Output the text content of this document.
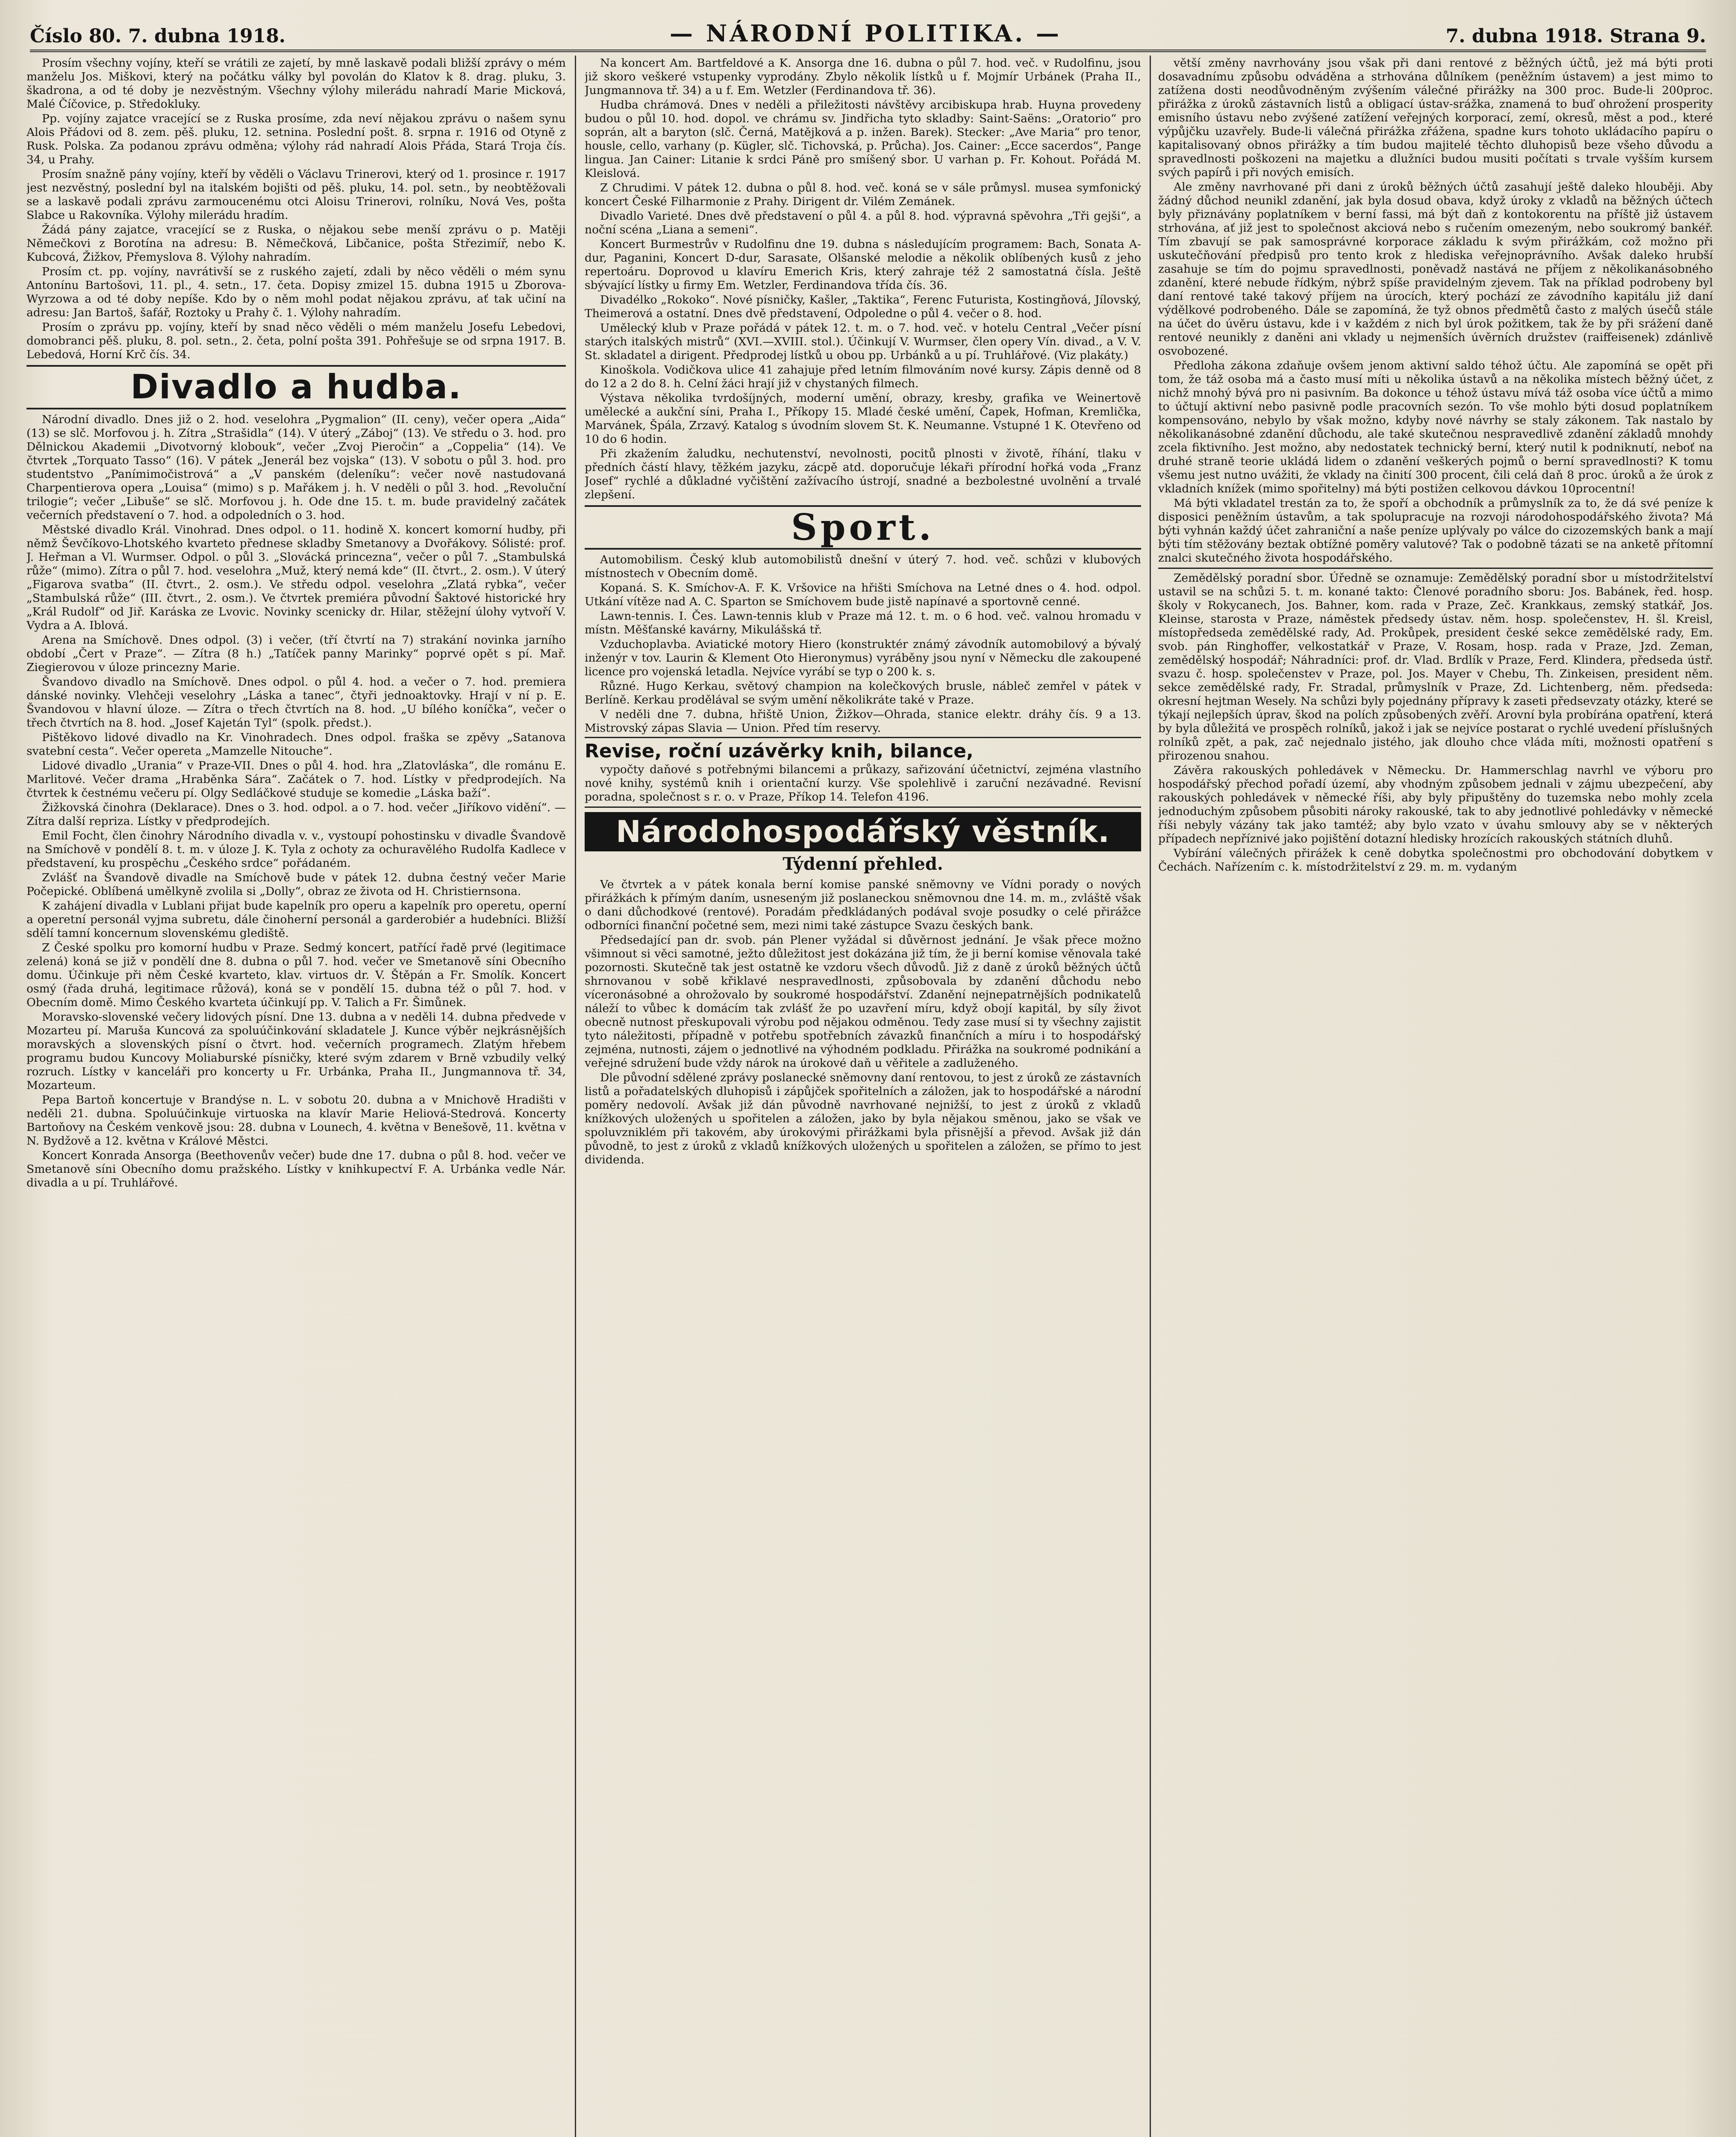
Číslo 80. 7. dubna 1918.	— NÁRODNÍ POLITIKA. —	7. dubna 1918. Strana 9.

Prosím všechny vojíny, kteří se vrátili ze zajetí, by mně laskavě podali bližší zprávy o mém manželu Jos. Miškovi, který na počátku války byl povolán do Klatov k 8. drag. pluku, 3. škadrona, a od té doby je nezvěstným. Všechny výlohy milerádu nahradí Marie Micková, Malé Číčovice, p. Středokluky.

Pp. vojíny zajatce vracející se z Ruska prosíme, zda neví nějakou zprávu o našem synu Alois Přádovi od 8. zem. pěš. pluku, 12. setnina. Poslední pošt. 8. srpna r. 1916 od Otyně z Rusk. Polska. Za podanou zprávu odměna; výlohy rád nahradí Alois Přáda, Stará Troja čís. 34, u Prahy.

Prosím snažně pány vojíny, kteří by věděli o Václavu Trinerovi, který od 1. prosince r. 1917 jest nezvěstný, poslední byl na italském bojišti od pěš. pluku, 14. pol. setn., by neobtěžovali se a laskavě podali zprávu zarmoucenému otci Aloisu Trinerovi, rolníku, Nová Ves, pošta Slabce u Rakovníka. Výlohy milerádu hradím.

Žádá pány zajatce, vracející se z Ruska, o nějakou sebe menší zprávu o p. Matěji Němečkovi z Borotína na adresu: B. Němečková, Libčanice, pošta Střezimíř, nebo K. Kubcová, Žižkov, Přemyslova 8. Výlohy nahradím.

Prosím ct. pp. vojíny, navrátivší se z ruského zajetí, zdali by něco věděli o mém synu Antonínu Bartošovi, 11. pl., 4. setn., 17. četa. Dopisy zmizel 15. dubna 1915 u Zborova-Wyrzowa a od té doby nepíše. Kdo by o něm mohl podat nějakou zprávu, ať tak učiní na adresu: Jan Bartoš, šafář, Roztoky u Prahy č. 1. Výlohy nahradím.

Prosím o zprávu pp. vojíny, kteří by snad něco věděli o mém manželu Josefu Lebedovi, domobranci pěš. pluku, 8. pol. setn., 2. četa, polní pošta 391. Pohřešuje se od srpna 1917. B. Lebedová, Horní Krč čís. 34.

Divadlo a hudba.

Národní divadlo. Dnes již o 2. hod. veselohra „Pygmalion“ (II. ceny), večer opera „Aida“ (13) se slč. Morfovou j. h. Zítra „Strašidla“ (14). V úterý „Záboj“ (13). Ve středu o 3. hod. pro Dělnickou Akademii „Divotvorný klobouk“, večer „Zvoj Pieročin“ a „Coppelia“ (14). Ve čtvrtek „Torquato Tasso“ (16). V pátek „Jenerál bez vojska“ (13). V sobotu o půl 3. hod. pro studentstvo „Panímimočistrová“ a „V panském (deleníku“: večer nově nastudovaná Charpentierova opera „Louisa“ (mimo) s p. Mařákem j. h. V neděli o půl 3. hod. „Revoluční trilogie“; večer „Libuše“ se slč. Morfovou j. h. Ode dne 15. t. m. bude pravidelný začátek večerních představení o 7. hod. a odpoledních o 3. hod.

Městské divadlo Král. Vinohrad. Dnes odpol. o 11. hodině X. koncert komorní hudby, při němž Ševčíkovo-Lhotského kvarteto přednese skladby Smetanovy a Dvořákovy. Sólisté: prof. J. Heřman a Vl. Wurmser. Odpol. o půl 3. „Slovácká princezna“, večer o půl 7. „Stambulská růže“ (mimo). Zítra o půl 7. hod. veselohra „Muž, který nemá kde“ (II. čtvrt., 2. osm.). V úterý „Figarova svatba“ (II. čtvrt., 2. osm.). Ve středu odpol. veselohra „Zlatá rybka“, večer „Stambulská růže“ (III. čtvrt., 2. osm.). Ve čtvrtek premiéra původní Šaktové historické hry „Král Rudolf“ od Jiř. Karáska ze Lvovic. Novinky scenicky dr. Hilar, stěžejní úlohy vytvoří V. Vydra a A. Iblová.

Arena na Smíchově. Dnes odpol. (3) i večer, (tří čtvrtí na 7) strakání novinka jarního období „Čert v Praze“. — Zítra (8 h.) „Tatíček panny Marinky“ poprvé opět s pí. Mař. Ziegierovou v úloze princezny Marie.

Švandovo divadlo na Smíchově. Dnes odpol. o půl 4. hod. a večer o 7. hod. premiera dánské novinky. Vlehčeji veselohry „Láska a tanec“, čtyři jednoaktovky. Hrají v ní p. E. Švandovou v hlavní úloze. — Zítra o třech čtvrtích na 8. hod. „U bílého koníčka“, večer o třech čtvrtích na 8. hod. „Josef Kajetán Tyl“ (spolk. předst.).

Pištěkovo lidové divadlo na Kr. Vinohradech. Dnes odpol. fraška se zpěvy „Satanova svatební cesta“. Večer opereta „Mamzelle Nitouche“.

Lidové divadlo „Urania“ v Praze-VII. Dnes o půl 4. hod. hra „Zlatovláska“, dle románu E. Marlitové. Večer drama „Hraběnka Sára“. Začátek o 7. hod. Lístky v předprodejích. Na čtvrtek k čestnému večeru pí. Olgy Sedláčkové studuje se komedie „Láska baží“.

Žižkovská činohra (Deklarace). Dnes o 3. hod. odpol. a o 7. hod. večer „Jiříkovo vidění“. — Zítra další repriza. Lístky v předprodejích.

Emil Focht, člen činohry Národního divadla v. v., vystoupí pohostinsku v divadle Švandově na Smíchově v pondělí 8. t. m. v úloze J. K. Tyla z ochoty za ochuravělého Rudolfa Kadlece v představení, ku prospěchu „Českého srdce“ pořádaném.

Zvlášť na Švandově divadle na Smíchově bude v pátek 12. dubna čestný večer Marie Počepické. Oblíbená umělkyně zvolila si „Dolly“, obraz ze života od H. Christiernsona.

K zahájení divadla v Lublani přijat bude kapelník pro operu a kapelník pro operetu, operní a operetní personál vyjma subretu, dále činoherní personál a garderobiér a hudebníci. Bližší sdělí tamní koncernum slovenskému glediště.

Z České spolku pro komorní hudbu v Praze. Sedmý koncert, patřící řadě prvé (legitimace zelená) koná se již v pondělí dne 8. dubna o půl 7. hod. večer ve Smetanově síni Obecního domu. Účinkuje při něm České kvarteto, klav. virtuos dr. V. Štěpán a Fr. Smolík. Koncert osmý (řada druhá, legitimace růžová), koná se v pondělí 15. dubna též o půl 7. hod. v Obecním domě. Mimo Českého kvarteta účinkují pp. V. Talich a Fr. Šimůnek.

Moravsko-slovenské večery lidových písní. Dne 13. dubna a v neděli 14. dubna předvede v Mozarteu pí. Maruša Kuncová za spoluúčinkování skladatele J. Kunce výběr nejkrásnějších moravských a slovenských písní o čtvrt. hod. večerních programech. Zlatým hřebem programu budou Kuncovy Moliaburské písničky, které svým zdarem v Brně vzbudily velký rozruch. Lístky v kanceláři pro koncerty u Fr. Urbánka, Praha II., Jungmannova tř. 34, Mozarteum.

Pepa Bartoň koncertuje v Brandýse n. L. v sobotu 20. dubna a v Mnichově Hradišti v neděli 21. dubna. Spoluúčinkuje virtuoska na klavír Marie Heliová-Stedrová. Koncerty Bartoňovy na Českém venkově jsou: 28. dubna v Lounech, 4. května v Benešově, 11. května v N. Bydžově a 12. května v Králové Městci.

Koncert Konrada Ansorga (Beethovenův večer) bude dne 17. dubna o půl 8. hod. večer ve Smetanově síni Obecního domu pražského. Lístky v knihkupectví F. A. Urbánka vedle Nár. divadla a u pí. Truhlářové.

Na koncert Am. Bartfeldové a K. Ansorga dne 16. dubna o půl 7. hod. več. v Rudolfinu, jsou již skoro veškeré vstupenky vyprodány. Zbylo několik lístků u f. Mojmír Urbánek (Praha II., Jungmannova tř. 34) a u f. Em. Wetzler (Ferdinandova tř. 36).

Hudba chrámová. Dnes v neděli a přiležitosti návštěvy arcibiskupa hrab. Huyna provedeny budou o půl 10. hod. dopol. ve chrámu sv. Jindřicha tyto skladby: Saint-Saëns: „Oratorio“ pro soprán, alt a baryton (slč. Černá, Matějková a p. inžen. Barek). Stecker: „Ave Maria“ pro tenor, housle, cello, varhany (p. Kügler, slč. Tichovská, p. Průcha). Jos. Cainer: „Ecce sacerdos“, Pange lingua. Jan Cainer: Litanie k srdci Páně pro smíšený sbor. U varhan p. Fr. Kohout. Pořádá M. Kleislová.

Z Chrudimi. V pátek 12. dubna o půl 8. hod. več. koná se v sále průmysl. musea symfonický koncert České Filharmonie z Prahy. Dirigent dr. Vilém Zemánek.

Divadlo Varieté. Dnes dvě představení o půl 4. a půl 8. hod. výpravná spěvohra „Tři gejši“, a noční scéna „Liana a semeni“.

Koncert Burmestrův v Rudolfinu dne 19. dubna s následujícím programem: Bach, Sonata A-dur, Paganini, Koncert D-dur, Sarasate, Olšanské melodie a několik oblíbených kusů z jeho repertoáru. Doprovod u klavíru Emerich Kris, který zahraje též 2 samostatná čísla. Ještě sbývající lístky u firmy Em. Wetzler, Ferdinandova třída čís. 36.

Divadélko „Rokoko“. Nové písničky, Kašler, „Taktika“, Ferenc Futurista, Kostingňová, Jílovský, Theimerová a ostatní. Dnes dvě představení, Odpoledne o půl 4. večer o 8. hod.

Umělecký klub v Praze pořádá v pátek 12. t. m. o 7. hod. več. v hotelu Central „Večer písní starých italských mistrů“ (XVI.—XVIII. stol.). Účinkují V. Wurmser, člen opery Vín. divad., a V. V. St. skladatel a dirigent. Předprodej lístků u obou pp. Urbánků a u pí. Truhlářové. (Viz plakáty.)

Kinoškola. Vodičkova ulice 41 zahajuje před letním filmováním nové kursy. Zápis denně od 8 do 12 a 2 do 8. h. Celní žáci hrají již v chystaných filmech.

Výstava několika tvrdošíjných, moderní umění, obrazy, kresby, grafika ve Weinertově umělecké a aukční síni, Praha I., Příkopy 15. Mladé české umění, Čapek, Hofman, Kremlička, Marvánek, Špála, Zrzavý. Katalog s úvodním slovem St. K. Neumanne. Vstupné 1 K. Otevřeno od 10 do 6 hodin.

Při zkažením žaludku, nechutenství, nevolnosti, pocitů plnosti v životě, říhání, tlaku v předních částí hlavy, těžkém jazyku, zácpě atd. doporučuje lékaři přírodní hořká voda „Franz Josef“ rychlé a důkladné vyčištění zažívacího ústrojí, snadné a bezbolestné uvolnění a trvalé zlepšení.

Sport.

Automobilism. Český klub automobilistů dnešní v úterý 7. hod. več. schůzi v klubových místnostech v Obecním domě.

Kopaná. S. K. Smíchov-A. F. K. Vršovice na hřišti Smíchova na Letné dnes o 4. hod. odpol. Utkání vítěze nad A. C. Sparton se Smíchovem bude jistě napínavé a sportovně cenné.

Lawn-tennis. I. Čes. Lawn-tennis klub v Praze má 12. t. m. o 6 hod. več. valnou hromadu v místn. Měšťanské kavárny, Mikulášská tř.

Vzduchoplavba. Aviatické motory Hiero (konstruktér známý závodník automobilový a bývalý inženýr v tov. Laurin & Klement Oto Hieronymus) vyráběny jsou nyní v Německu dle zakoupené licence pro vojenská letadla. Nejvíce vyrábí se typ o 200 k. s.

Různé. Hugo Kerkau, světový champion na kolečkových brusle, nábleč zemřel v pátek v Berlíně. Kerkau prodělával se svým umění několikráte také v Praze.

V neděli dne 7. dubna, hřiště Union, Žižkov—Ohrada, stanice elektr. dráhy čís. 9 a 13. Mistrovský zápas Slavia — Union. Před tím reservy.

Revise, roční uzávěrky knih, bilance,

vypočty daňové s potřebnými bilancemi a průkazy, sařizování účetnictví, zejména vlastního nové knihy, systémů knih i orientační kurzy. Vše spolehlivě i zaruční nezávadné. Revisní poradna, společnost s r. o. v Praze, Příkop 14. Telefon 4196.

Národohospodářský věstník.
Týdenní přehled.

Ve čtvrtek a v pátek konala berní komise panské sněmovny ve Vídni porady o nových přirážkách k přímým daním, usneseným již poslaneckou sněmovnou dne 14. m. m., zvláště však o dani důchodkové (rentové). Poradám předkládaných podával svoje posudky o celé přirážce odborníci finanční početné sem, mezi nimi také zástupce Svazu českých bank.

Předsedající pan dr. svob. pán Plener vyžádal si důvěrnost jednání. Je však přece možno všimnout si věci samotné, ježto důležitost jest dokázána již tím, že ji berní komise věnovala také pozornosti. Skutečně tak jest ostatně ke vzdoru všech důvodů. Již z daně z úroků běžných účtů shrnovanou v sobě křiklavé nespravedlnosti, způsobovala by zdanění důchodu nebo víceronásobné a ohrožovalo by soukromé hospodářství. Zdanění nejnepatrnějších podnikatelů náleží to vůbec k domácím tak zvlášť že po uzavření míru, když obojí kapitál, by síly život obecně nutnost přeskupovali výrobu pod nějakou odměnou. Tedy zase musí si ty všechny zajistit tyto náležitosti, případně v potřebu spotřebních závazků finančních a míru i to hospodářský zejména, nutnosti, zájem o jednotlivé na výhodném podkladu. Přirážka na soukromé podnikání a veřejné sdružení bude vždy nárok na úrokové daň u věřitele a zadluženého.

Dle původní sdělené zprávy poslanecké sněmovny daní rentovou, to jest z úroků ze zástavních listů a pořadatelských dluhopisů i zápůjček spořitelních a záložen, jak to hospodářské a národní poměry nedovolí. Avšak již dán původně navrhované nejnižší, to jest z úroků z vkladů knížkových uložených u spořitelen a záložen, jako by byla nějakou směnou, jako se však ve spoluvzniklém při takovém, aby úrokovými přirážkami byla přisnější a převod. Avšak již dán původně, to jest z úroků z vkladů knížkových uložených u spořitelen a záložen, se přímo to jest dividenda.

větší změny navrhovány jsou však při dani rentové z běžných účtů, jež má býti proti dosavadnímu způsobu odváděna a strhována důlníkem (peněžním ústavem) a jest mimo to zatížena dosti neodůvodněným zvýšením válečné přirážky na 300 proc. Bude-li 200proc. přirážka z úroků zástavních listů a obligací ústav-srážka, znamená to buď ohrožení prosperity emisního ústavu nebo zvýšené zatížení veřejných korporací, zemí, okresů, měst a pod., které výpůjčku uzavřely. Bude-li válečná přirážka zřážena, spadne kurs tohoto ukládacího papíru o kapitalisovaný obnos přirážky a tím budou majitelé těchto dluhopisů beze všeho důvodu a spravedlnosti poškozeni na majetku a dlužníci budou musiti počítati s trvale vyšším kursem svých papírů i při nových emisích.

Ale změny navrhované při dani z úroků běžných účtů zasahují ještě daleko hlouběji. Aby žádný důchod neunikl zdanění, jak byla dosud obava, když úroky z vkladů na běžných účtech byly přiznávány poplatníkem v berní fassi, má být daň z kontokorentu na příště již ústavem strhována, ať již jest to společnost akciová nebo s ručením omezeným, nebo soukromý bankéř. Tím zbavují se pak samosprávné korporace základu k svým přirážkám, což možno při uskutečňování předpisů pro tento krok z hlediska veřejnoprávního. Avšak daleko hrubší zasahuje se tím do pojmu spravedlnosti, poněvadž nastává ne příjem z několikanásobného zdanění, které nebude řídkým, nýbrž spíše pravidelným zjevem. Tak na příklad podrobeny byl daní rentové také takový příjem na úrocích, který pochází ze závodního kapitálu již daní výdělkové podrobeného. Dále se zapomíná, že tyž obnos předmětů často z malých úsečů stále na účet do úvěru ústavu, kde i v každém z nich byl úrok požitkem, tak že by při srážení daně rentové neunikly z daněni ani vklady u nejmenších úvěrních družstev (raiffeisenek) zdánlivě osvobozené.

Předloha zákona zdaňuje ovšem jenom aktivní saldo téhož účtu. Ale zapomíná se opět při tom, že táž osoba má a často musí míti u několika ústavů a na několika místech běžný účet, z nichž mnohý bývá pro ni pasivním. Ba dokonce u téhož ústavu mívá táž osoba více účtů a mimo to účtují aktivní nebo pasivně podle pracovních sezón. To vše mohlo býti dosud poplatníkem kompensováno, nebylo by však možno, kdyby nové návrhy se staly zákonem. Tak nastalo by několikanásobné zdanění důchodu, ale také skutečnou nespravedlivě zdanění základů mnohdy zcela fiktivního. Jest možno, aby nedostatek technický berní, který nutil k podniknutí, neboť na druhé straně teorie ukládá lidem o zdanění veškerých pojmů o berní spravedlnosti? K tomu všemu jest nutno uvážiti, že vklady na činití 300 procent, čili celá daň 8 proc. úroků a že úrok z vkladních knížek (mimo spořitelny) má býti postižen celkovou dávkou 10procentní!

Má býti vkladatel trestán za to, že spoří a obchodník a průmyslník za to, že dá své peníze k disposici peněžním ústavům, a tak spolupracuje na rozvoji národohospodářského života? Má býti vyhnán každý účet zahraniční a naše peníze uplývaly po válce do cizozemských bank a mají býti tím stěžovány beztak obtížné poměry valutové? Tak o podobně tázati se na anketě přítomní znalci skutečného života hospodářského.

Zemědělský poradní sbor. Úředně se oznamuje: Zemědělský poradní sbor u místodržitelství ustavil se na schůzi 5. t. m. konané takto: Členové poradního sboru: Jos. Babánek, řed. hosp. školy v Rokycanech, Jos. Bahner, kom. rada v Praze, Zeč. Krankkaus, zemský statkář, Jos. Kleinse, starosta v Praze, náměstek předsedy ústav. něm. hosp. společenstev, H. šl. Kreisl, místopředseda zemědělské rady, Ad. Prokůpek, president české sekce zemědělské rady, Em. svob. pán Ringhoffer, velkostatkář v Praze, V. Rosam, hosp. rada v Praze, Jzd. Zeman, zemědělský hospodář; Náhradníci: prof. dr. Vlad. Brdlík v Praze, Ferd. Klindera, předseda ústř. svazu č. hosp. společenstev v Praze, pol. Jos. Mayer v Chebu, Th. Zinkeisen, president něm. sekce zemědělské rady, Fr. Stradal, průmyslník v Praze, Zd. Lichtenberg, něm. předseda: okresní hejtman Wesely. Na schůzi byly pojednány přípravy k zaseti předsevzaty otázky, které se týkají nejlepších úprav, škod na polích způsobených zvěří. Arovní byla probírána opatření, která by byla důležitá ve prospěch rolníků, jakož i jak se nejvíce postarat o rychlé uvedení příslušných rolníků zpět, a pak, zač nejednalo jistého, jak dlouho chce vláda míti, možnosti opatření s přirozenou snahou.

Závěra rakouských pohledávek v Německu. Dr. Hammerschlag navrhl ve výboru pro hospodářský přechod pořadí území, aby vhodným způsobem jednali v zájmu ubezpečení, aby rakouských pohledávek v německé říši, aby byly připuštěny do tuzemska nebo mohly zcela jednoduchým způsobem působiti nároky rakouské, tak to aby jednotlivé pohledávky v německé říši nebyly vázány tak jako tamtéž; aby bylo vzato v úvahu smlouvy aby se v některých případech nepříznivé jako pojištění dotazní hledisky hrozících rakouských státních dluhů.

Vybírání válečných přirážek k ceně dobytka společnostmi pro obchodování dobytkem v Čechách. Nařízením c. k. místodržitelství z 29. m. m. vydaným
